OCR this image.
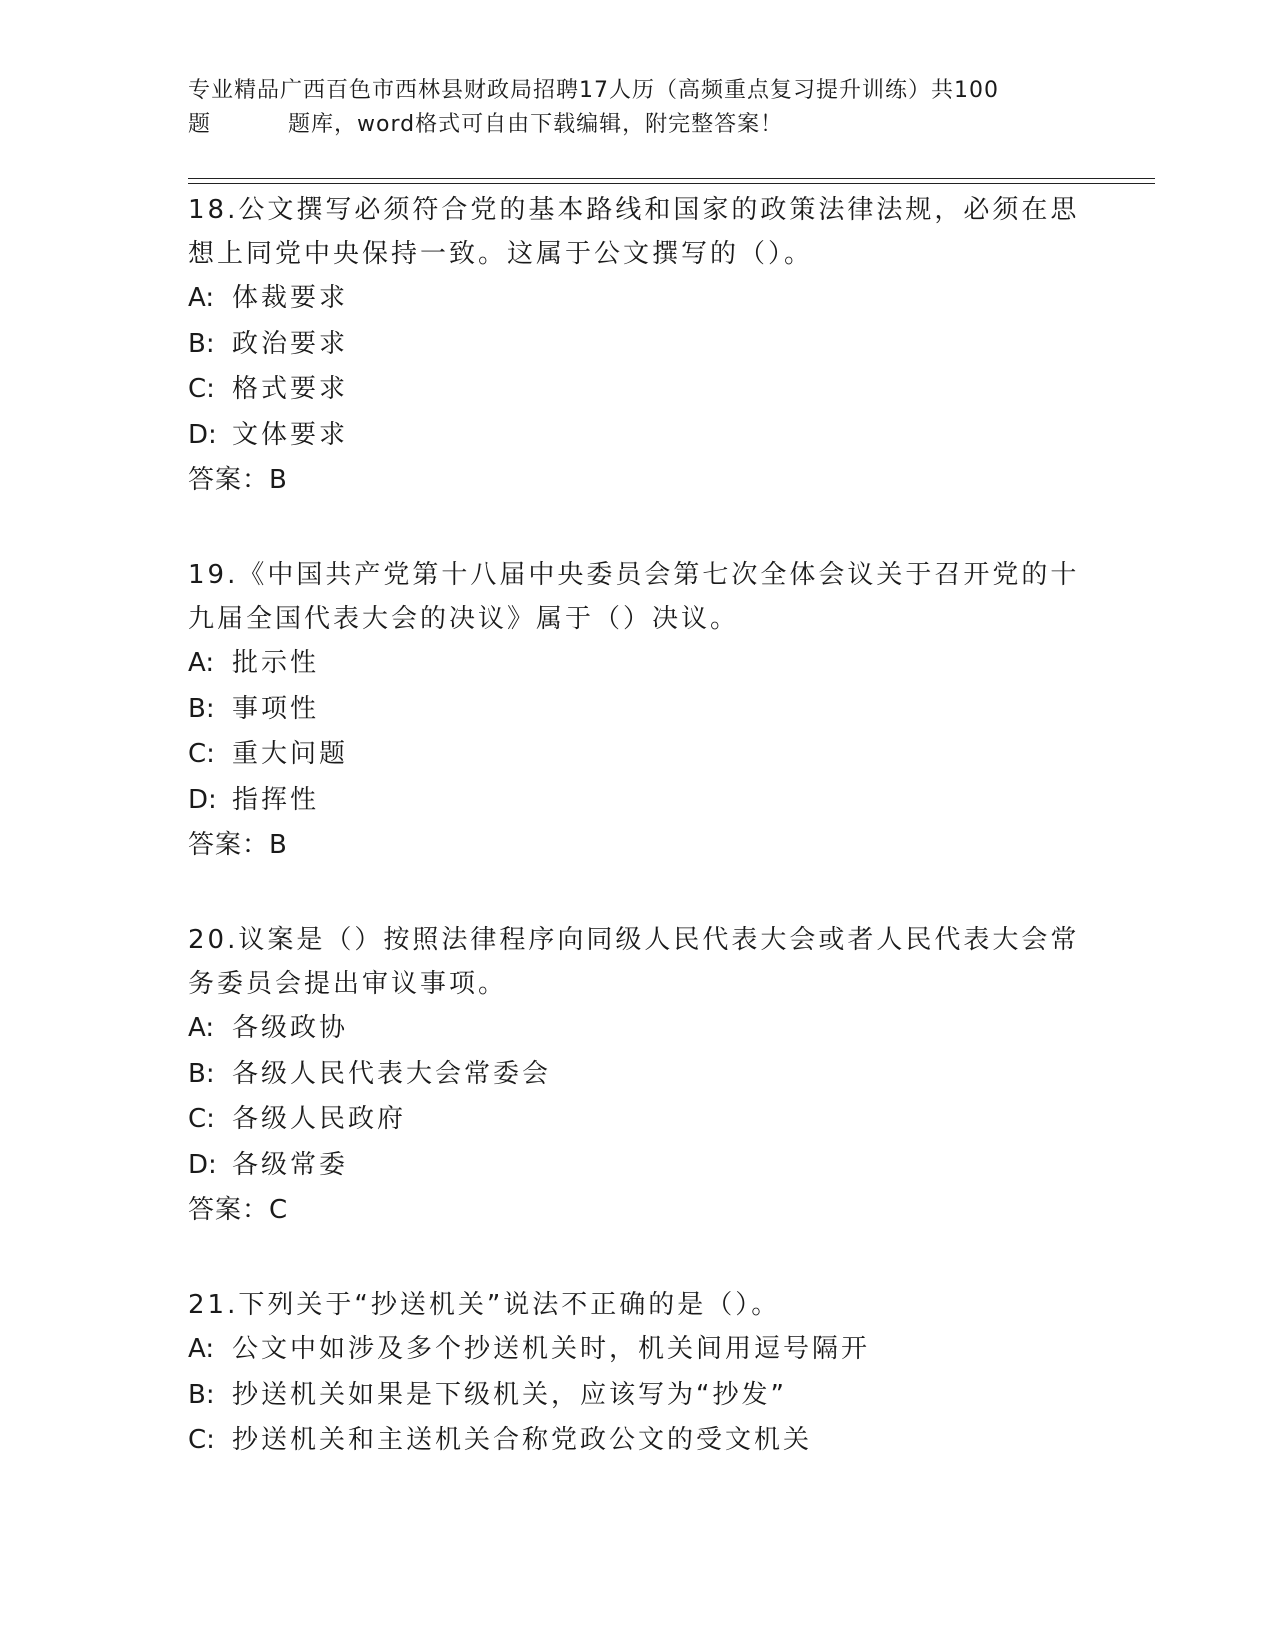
专业精品广西百色市西林县财政局招聘17人历（高频重点复习提升训练）共100
题	题库，word格式可自由下载编辑，附完整答案！

18.公文撰写必须符合党的基本路线和国家的政策法律法规，必须在思想上同党中央保持一致。这属于公文撰写的（）。

A: 体裁要求
B: 政治要求
C: 格式要求
D: 文体要求
答案：B

19.《中国共产党第十八届中央委员会第七次全体会议关于召开党的十九届全国代表大会的决议》属于（）决议。

A: 批示性
B: 事项性
C: 重大问题
D: 指挥性
答案：B

20.议案是（）按照法律程序向同级人民代表大会或者人民代表大会常务委员会提出审议事项。

A: 各级政协
B: 各级人民代表大会常委会
C: 各级人民政府
D: 各级常委
答案：C

21.下列关于“抄送机关”说法不正确的是（）。

A: 公文中如涉及多个抄送机关时，机关间用逗号隔开
B: 抄送机关如果是下级机关，应该写为“抄发”
C: 抄送机关和主送机关合称党政公文的受文机关
